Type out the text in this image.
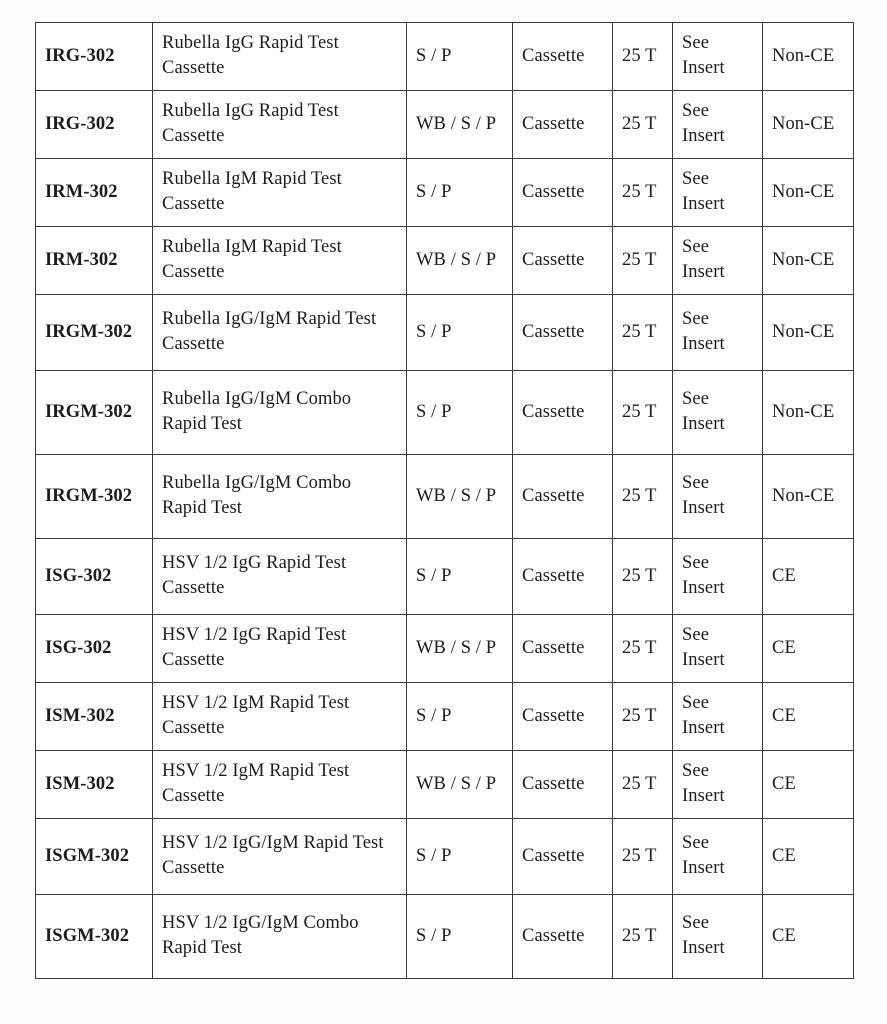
IRG-302	Rubella IgG Rapid Test Cassette	S / P	Cassette	25 T	See Insert	Non-CE
IRG-302	Rubella IgG Rapid Test Cassette	WB / S / P	Cassette	25 T	See Insert	Non-CE
IRM-302	Rubella IgM Rapid Test Cassette	S / P	Cassette	25 T	See Insert	Non-CE
IRM-302	Rubella IgM Rapid Test Cassette	WB / S / P	Cassette	25 T	See Insert	Non-CE
IRGM-302	Rubella IgG/IgM Rapid Test Cassette	S / P	Cassette	25 T	See Insert	Non-CE
IRGM-302	Rubella IgG/IgM Combo Rapid Test	S / P	Cassette	25 T	See Insert	Non-CE
IRGM-302	Rubella IgG/IgM Combo Rapid Test	WB / S / P	Cassette	25 T	See Insert	Non-CE
ISG-302	HSV 1/2 IgG Rapid Test Cassette	S / P	Cassette	25 T	See Insert	CE
ISG-302	HSV 1/2 IgG Rapid Test Cassette	WB / S / P	Cassette	25 T	See Insert	CE
ISM-302	HSV 1/2 IgM Rapid Test Cassette	S / P	Cassette	25 T	See Insert	CE
ISM-302	HSV 1/2 IgM Rapid Test Cassette	WB / S / P	Cassette	25 T	See Insert	CE
ISGM-302	HSV 1/2 IgG/IgM Rapid Test Cassette	S / P	Cassette	25 T	See Insert	CE
ISGM-302	HSV 1/2 IgG/IgM Combo Rapid Test	S / P	Cassette	25 T	See Insert	CE
